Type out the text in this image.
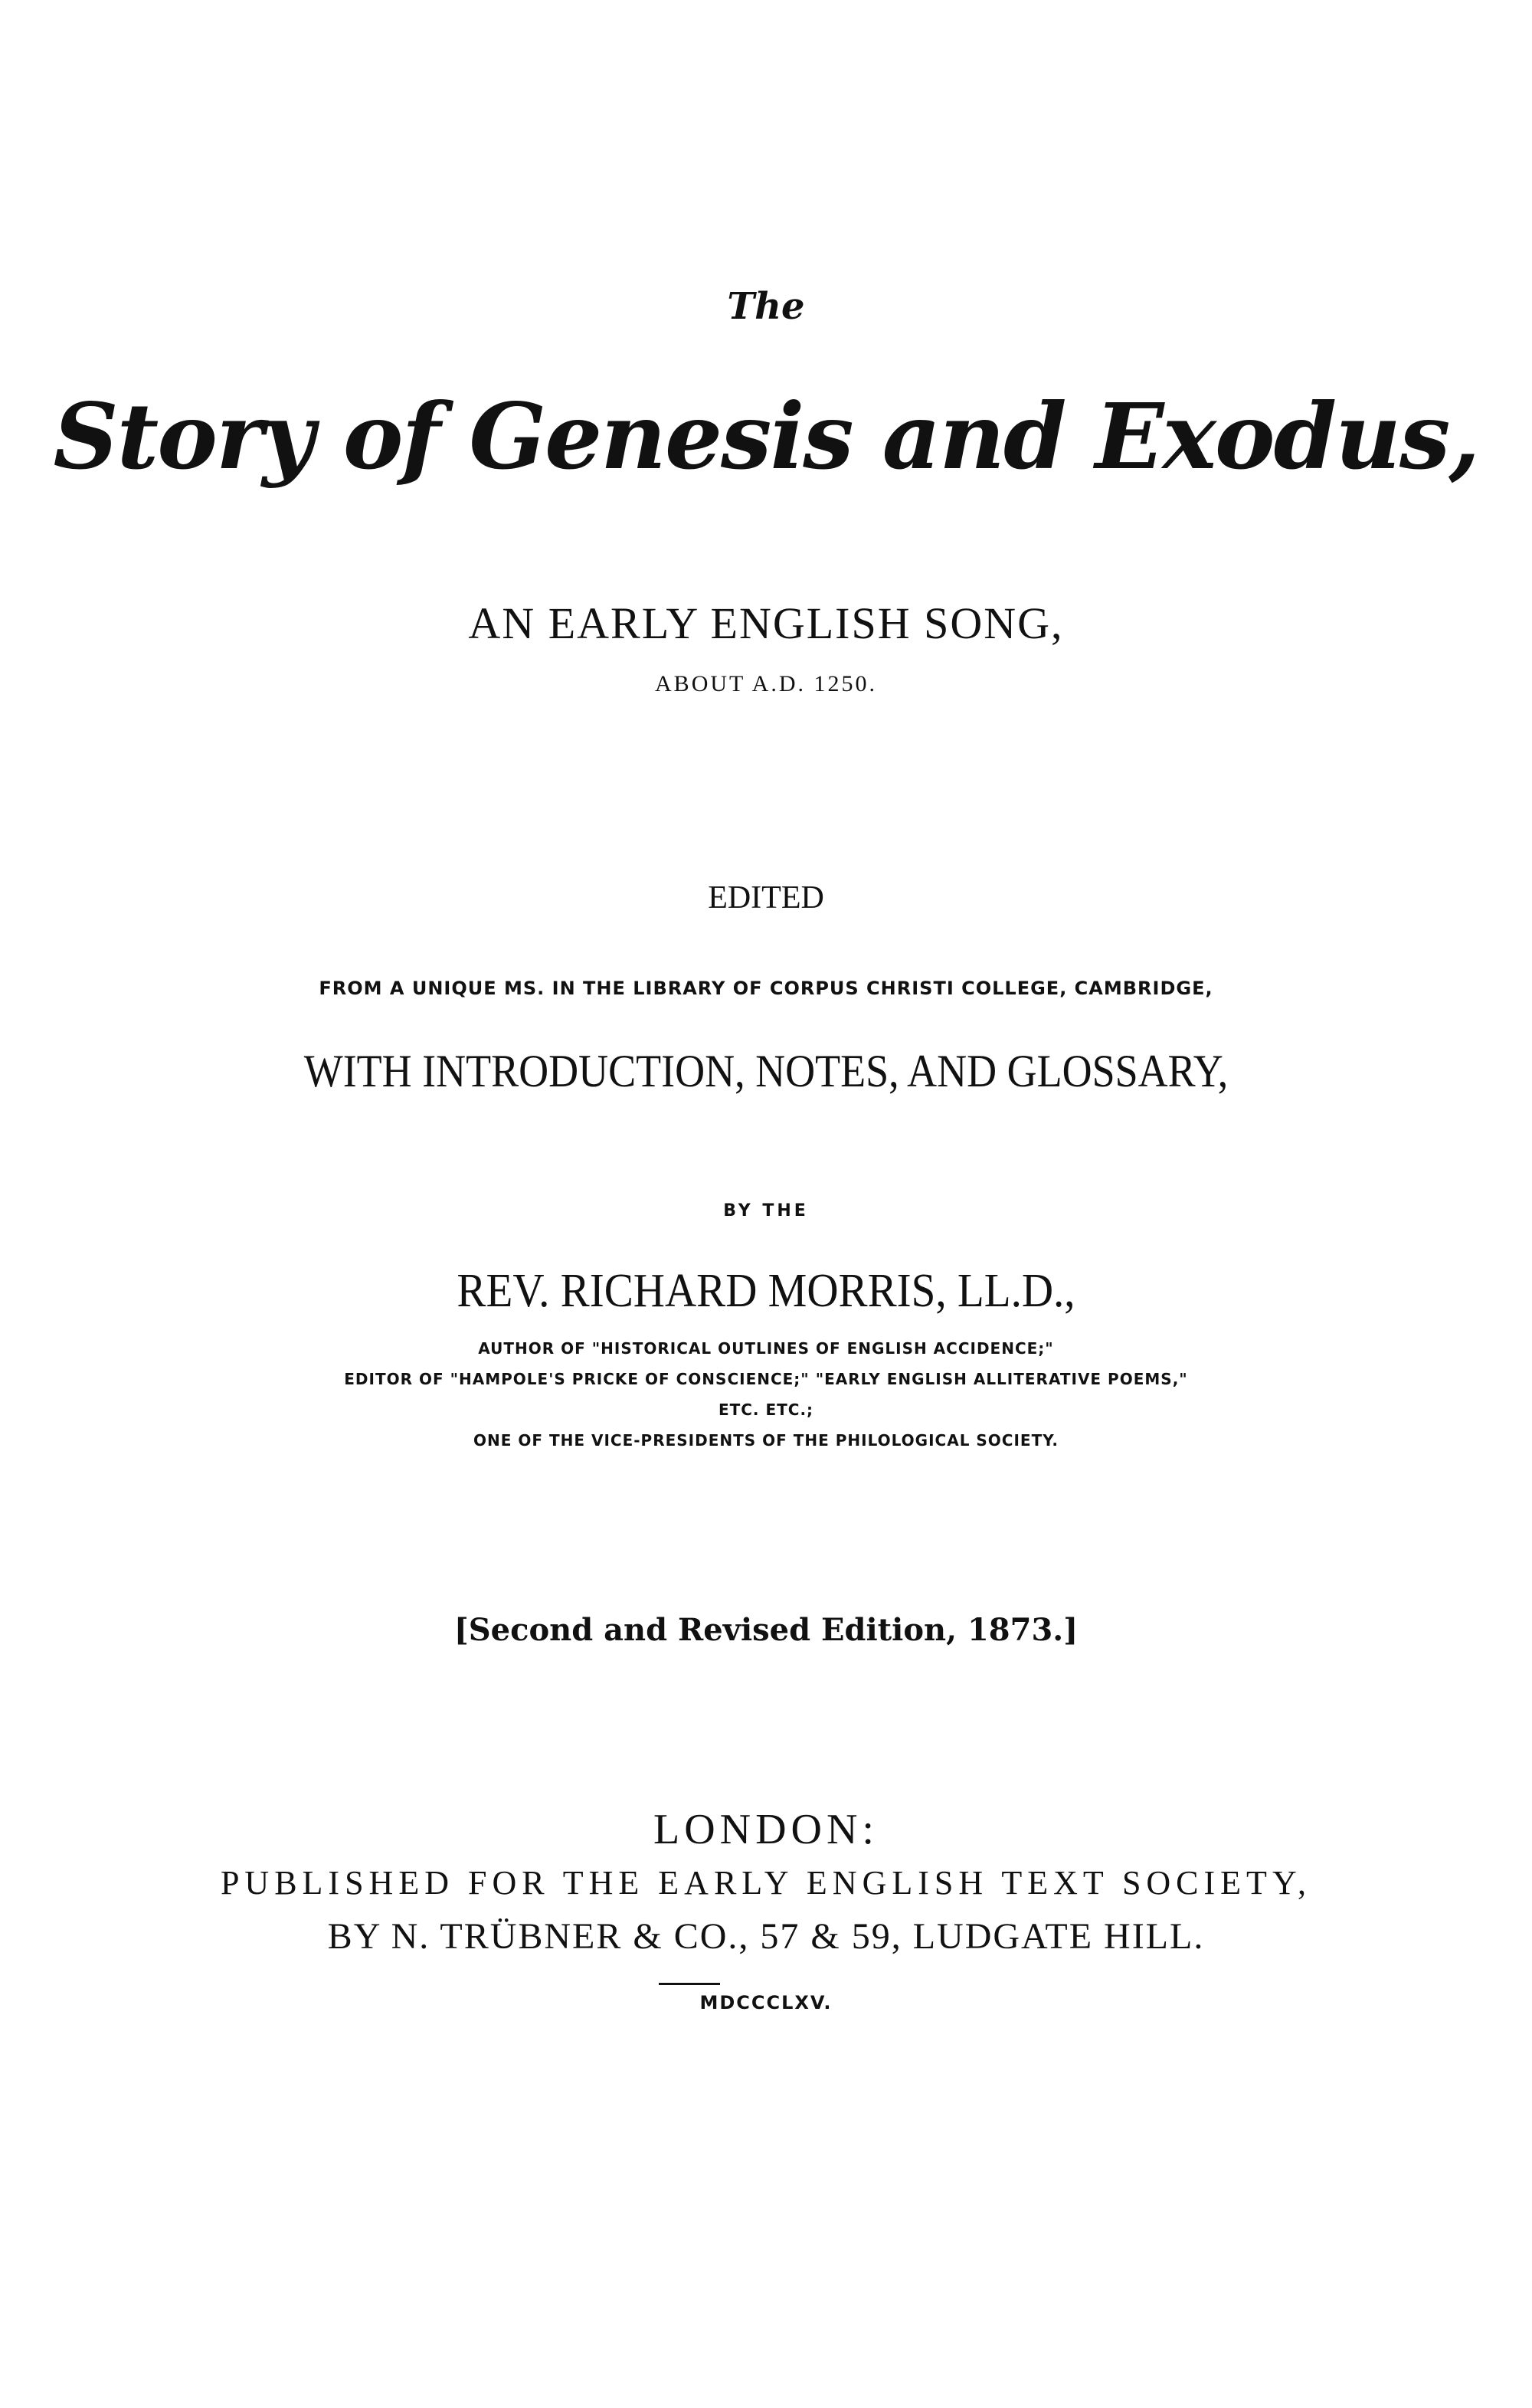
The
Story of Genesis and Exodus,
AN EARLY ENGLISH SONG,
ABOUT A.D. 1250.
EDITED
FROM A UNIQUE MS. IN THE LIBRARY OF CORPUS CHRISTI COLLEGE, CAMBRIDGE,
WITH INTRODUCTION, NOTES, AND GLOSSARY,
BY THE
REV. RICHARD MORRIS, LL.D.,
AUTHOR OF "HISTORICAL OUTLINES OF ENGLISH ACCIDENCE;"
EDITOR OF "HAMPOLE'S PRICKE OF CONSCIENCE;" "EARLY ENGLISH ALLITERATIVE POEMS,"
ETC. ETC.;
ONE OF THE VICE-PRESIDENTS OF THE PHILOLOGICAL SOCIETY.
[Second and Revised Edition, 1873.]
LONDON:
PUBLISHED FOR THE EARLY ENGLISH TEXT SOCIETY,
BY N. TRÜBNER & CO., 57 & 59, LUDGATE HILL.
MDCCCLXV.
